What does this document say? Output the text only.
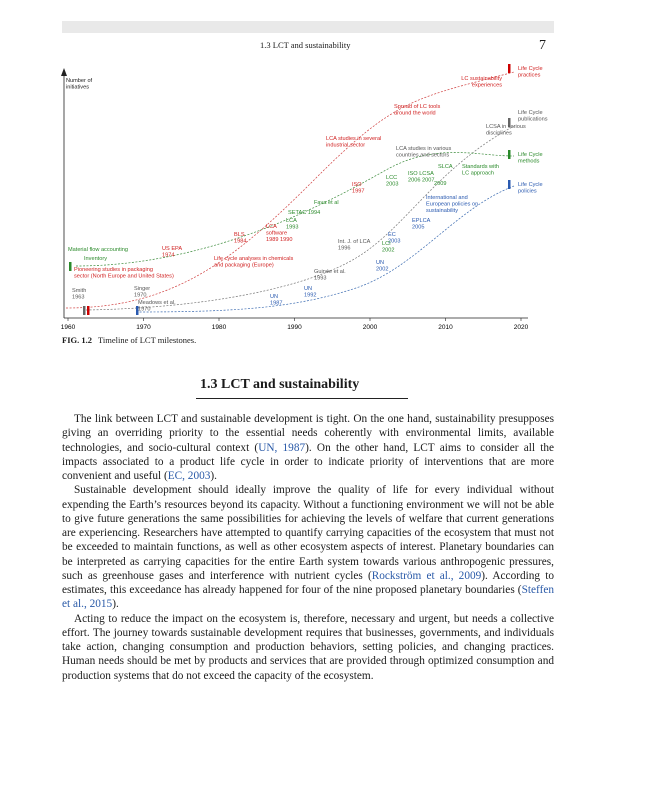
1.3 LCT and sustainability	7
1960	1970	1980	1990	2000	2010	2020
Number of initiatives
Life Cycle practices
LC sustainability experiences
Spread of LC tools around the world	Life Cycle publications
LCSA in various disciplines
LCA studies in several industrial sector
LCA studies in various countries and sectors
SLCA Standards with LC approach
Life Cycle methods
ISO LCSA 2006 2007
2009
LCC 2003
ISO 1997
Fava et al
SETAC 1994
LCA 1993
Life Cycle policies
International and European policies on sustainability
EPLCA 2005
EC 2003
LCA software 1989 1990
BLS 1984	Int. J. of LCA 1996
LCI 2002
UN 2002
Material flow accounting
Inventory
US EPA 1974
Life cycle analyses in chemicals and packaging (Europe)
Pioneering studies in packaging sector (North Europe and United States)
Guinée et al. 1993
Singer 1970
Smith 1963
Meadows et al. 1970
UN 1992
UN 1987
FIG. 1.2 Timeline of LCT milestones.
1.3 LCT and sustainability

The link between LCT and sustainable development is tight. On the one hand, sustainability presupposes giving an overriding priority to the essential needs coherently with environmental limits, available technologies, and socio-cultural context (UN, 1987). On the other hand, LCT aims to consider all the impacts associated to a product life cycle in order to indicate priority of interventions that are more convenient and useful (EC, 2003).

Sustainable development should ideally improve the quality of life for every individual without expending the Earth’s resources beyond its capacity. Without a functioning environment we will not be able to give future generations the same possibilities for achieving the levels of welfare that current generations are experiencing. Researchers have attempted to quantify carrying capacities of the ecosystem that must not be exceeded to maintain functions, as well as other ecosystem aspects of interest. Planetary boundaries can be interpreted as carrying capacities for the entire Earth system towards various anthropogenic pressures, such as greenhouse gases and interference with nutrient cycles (Rockström et al., 2009). According to estimates, this exceedance has already happened for four of the nine proposed planetary boundaries (Steffen et al., 2015).

Acting to reduce the impact on the ecosystem is, therefore, necessary and urgent, but needs a collective effort. The journey towards sustainable development requires that businesses, governments, and individuals take action, changing consumption and production behaviors, setting policies, and changing practices. Human needs should be met by products and services that are provided through optimized consumption and production systems that do not exceed the capacity of the ecosystem.
